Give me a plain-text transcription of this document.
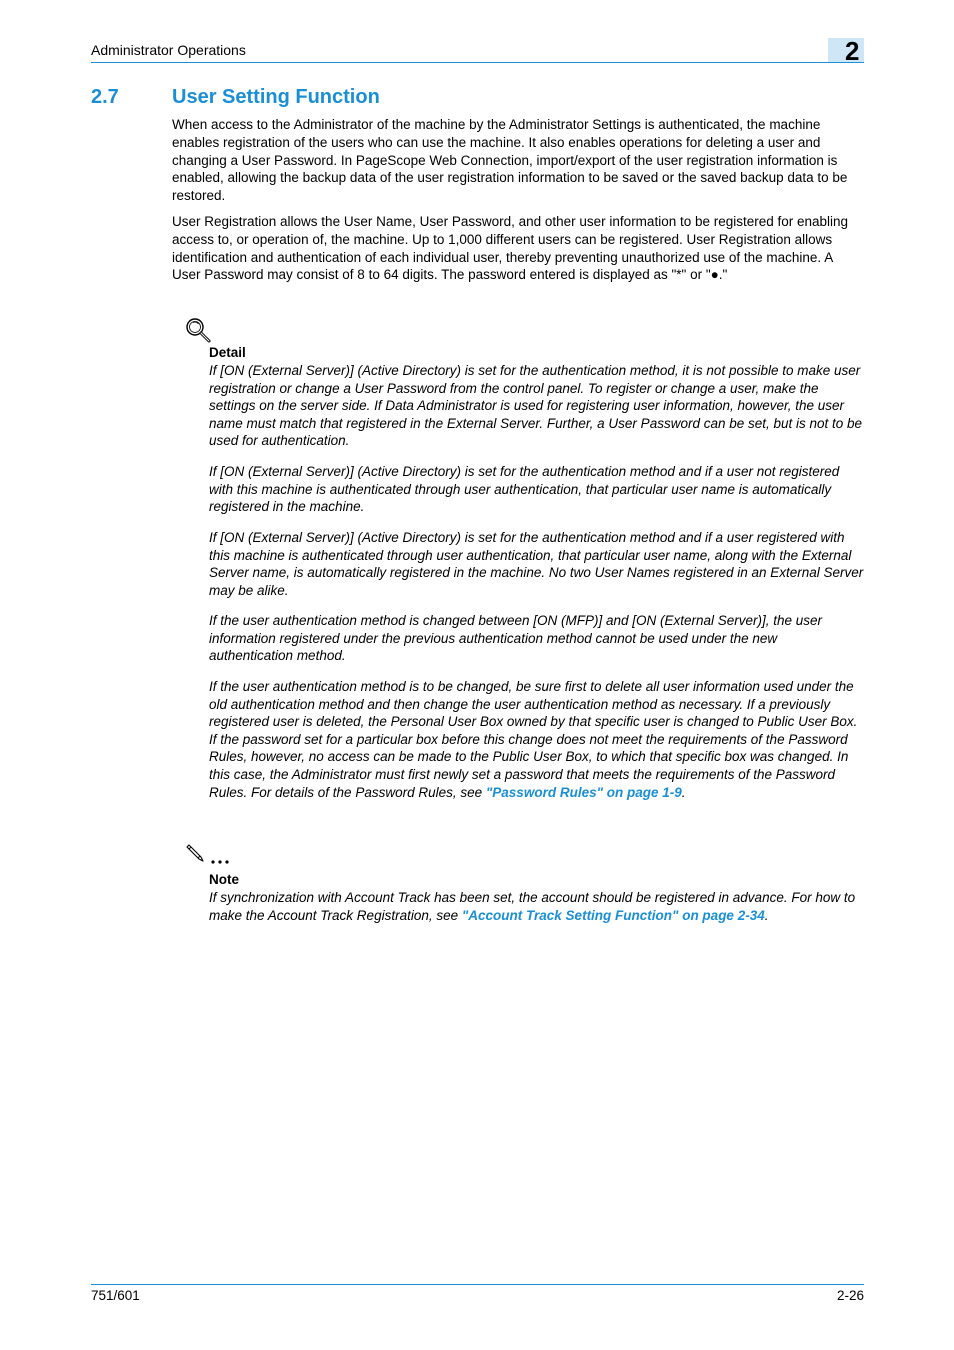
Administrator Operations	2
2.7	User Setting Function

When access to the Administrator of the machine by the Administrator Settings is authenticated, the machine enables registration of the users who can use the machine. It also enables operations for deleting a user and changing a User Password. In PageScope Web Connection, import/export of the user registration information is enabled, allowing the backup data of the user registration information to be saved or the saved backup data to be restored.

User Registration allows the User Name, User Password, and other user information to be registered for enabling access to, or operation of, the machine. Up to 1,000 different users can be registered. User Registration allows identification and authentication of each individual user, thereby preventing unauthorized use of the machine. A User Password may consist of 8 to 64 digits. The password entered is displayed as "*" or "●."

Detail

If [ON (External Server)] (Active Directory) is set for the authentication method, it is not possible to make user registration or change a User Password from the control panel. To register or change a user, make the settings on the server side. If Data Administrator is used for registering user information, however, the user name must match that registered in the External Server. Further, a User Password can be set, but is not to be used for authentication.

If [ON (External Server)] (Active Directory) is set for the authentication method and if a user not registered with this machine is authenticated through user authentication, that particular user name is automatically registered in the machine.

If [ON (External Server)] (Active Directory) is set for the authentication method and if a user registered with this machine is authenticated through user authentication, that particular user name, along with the External Server name, is automatically registered in the machine. No two User Names registered in an External Server may be alike.

If the user authentication method is changed between [ON (MFP)] and [ON (External Server)], the user information registered under the previous authentication method cannot be used under the new authentication method.

If the user authentication method is to be changed, be sure first to delete all user information used under the old authentication method and then change the user authentication method as necessary. If a previously registered user is deleted, the Personal User Box owned by that specific user is changed to Public User Box. If the password set for a particular box before this change does not meet the requirements of the Password Rules, however, no access can be made to the Public User Box, to which that specific box was changed. In this case, the Administrator must first newly set a password that meets the requirements of the Password Rules. For details of the Password Rules, see "Password Rules" on page 1-9.

Note

If synchronization with Account Track has been set, the account should be registered in advance. For how to make the Account Track Registration, see "Account Track Setting Function" on page 2-34.

751/601	2-26
